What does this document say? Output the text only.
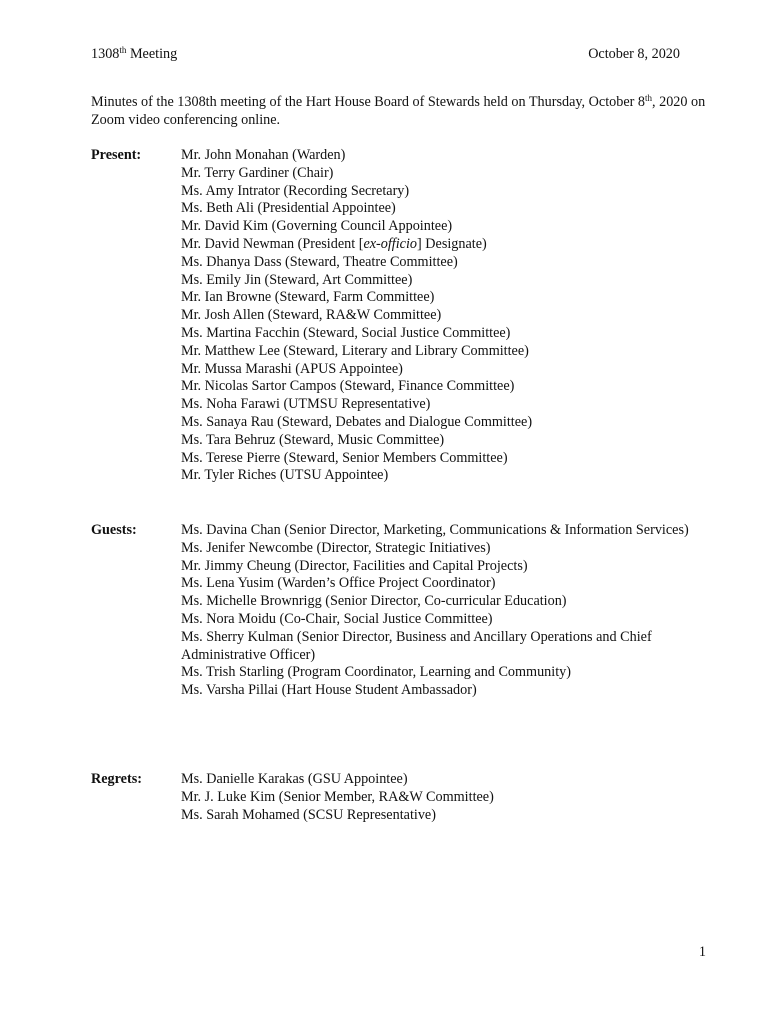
1308th Meeting	October 8, 2020
Minutes of the 1308th meeting of the Hart House Board of Stewards held on Thursday, October 8th, 2020 on Zoom video conferencing online.
Present:	Mr. John Monahan (Warden)
Mr. Terry Gardiner (Chair)
Ms. Amy Intrator (Recording Secretary)
Ms. Beth Ali (Presidential Appointee)
Mr. David Kim (Governing Council Appointee)
Mr. David Newman (President [ex-officio] Designate)
Ms. Dhanya Dass (Steward, Theatre Committee)
Ms. Emily Jin (Steward, Art Committee)
Mr. Ian Browne (Steward, Farm Committee)
Mr. Josh Allen (Steward, RA&W Committee)
Ms. Martina Facchin (Steward, Social Justice Committee)
Mr. Matthew Lee (Steward, Literary and Library Committee)
Mr. Mussa Marashi (APUS Appointee)
Mr. Nicolas Sartor Campos (Steward, Finance Committee)
Ms. Noha Farawi (UTMSU Representative)
Ms. Sanaya Rau (Steward, Debates and Dialogue Committee)
Ms. Tara Behruz (Steward, Music Committee)
Ms. Terese Pierre (Steward, Senior Members Committee)
Mr. Tyler Riches (UTSU Appointee)
Guests:	Ms. Davina Chan (Senior Director, Marketing, Communications & Information Services)
Ms. Jenifer Newcombe (Director, Strategic Initiatives)
Mr. Jimmy Cheung (Director, Facilities and Capital Projects)
Ms. Lena Yusim (Warden’s Office Project Coordinator)
Ms. Michelle Brownrigg (Senior Director, Co-curricular Education)
Ms. Nora Moidu (Co-Chair, Social Justice Committee)
Ms. Sherry Kulman (Senior Director, Business and Ancillary Operations and Chief Administrative Officer)
Ms. Trish Starling (Program Coordinator, Learning and Community)
Ms. Varsha Pillai (Hart House Student Ambassador)
Regrets:	Ms. Danielle Karakas (GSU Appointee)
Mr. J. Luke Kim (Senior Member, RA&W Committee)
Ms. Sarah Mohamed (SCSU Representative)
1
